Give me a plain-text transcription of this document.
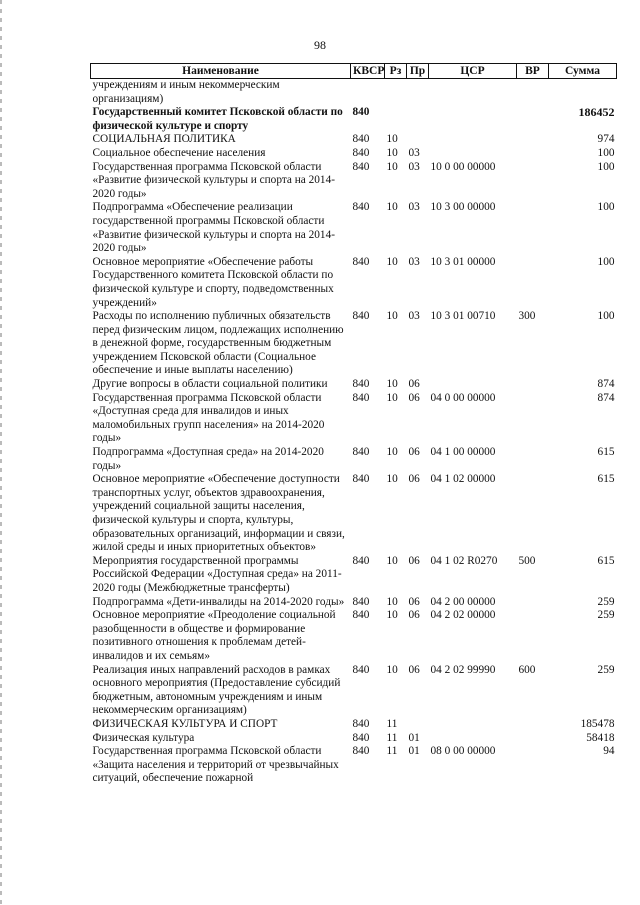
98
Наименование	КВСР	Рз	Пр	ЦСР	ВР	Сумма
учреждениям и иным некоммерческим организациям)						
Государственный комитет Псковской области по физической культуре и спорту	840					186452
СОЦИАЛЬНАЯ ПОЛИТИКА	840	10				974
Социальное обеспечение населения	840	10	03			100
Государственная программа Псковской области «Развитие физической культуры и спорта на 2014-2020 годы»	840	10	03	10 0 00 00000		100
Подпрограмма «Обеспечение реализации государственной программы Псковской области «Развитие физической культуры и спорта на 2014-2020 годы»	840	10	03	10 3 00 00000		100
Основное мероприятие «Обеспечение работы Государственного комитета Псковской области по физической культуре и спорту, подведомственных учреждений»	840	10	03	10 3 01 00000		100
Расходы по исполнению публичных обязательств перед физическим лицом, подлежащих исполнению в денежной форме, государственным бюджетным учреждением Псковской области (Социальное обеспечение и иные выплаты населению)	840	10	03	10 3 01 00710	300	100
Другие вопросы в области социальной политики	840	10	06			874
Государственная программа Псковской области «Доступная среда для инвалидов и иных маломобильных групп населения» на 2014-2020 годы»	840	10	06	04 0 00 00000		874
Подпрограмма «Доступная среда» на 2014-2020 годы»	840	10	06	04 1 00 00000		615
Основное мероприятие «Обеспечение доступности транспортных услуг, объектов здравоохранения, учреждений социальной защиты населения, физической культуры и спорта, культуры, образовательных организаций, информации и связи, жилой среды и иных приоритетных объектов»	840	10	06	04 1 02 00000		615
Мероприятия государственной программы Российской Федерации «Доступная среда» на 2011-2020 годы (Межбюджетные трансферты)	840	10	06	04 1 02 R0270	500	615
Подпрограмма «Дети-инвалиды на 2014-2020 годы»	840	10	06	04 2 00 00000		259
Основное мероприятие «Преодоление социальной разобщенности в обществе и формирование позитивного отношения к проблемам детей-инвалидов и их семьям»	840	10	06	04 2 02 00000		259
Реализация иных направлений расходов в рамках основного мероприятия (Предоставление субсидий бюджетным, автономным учреждениям и иным некоммерческим организациям)	840	10	06	04 2 02 99990	600	259
ФИЗИЧЕСКАЯ КУЛЬТУРА И СПОРТ	840	11				185478
Физическая культура	840	11	01			58418
Государственная программа Псковской области «Защита населения и территорий от чрезвычайных ситуаций, обеспечение пожарной	840	11	01	08 0 00 00000		94
